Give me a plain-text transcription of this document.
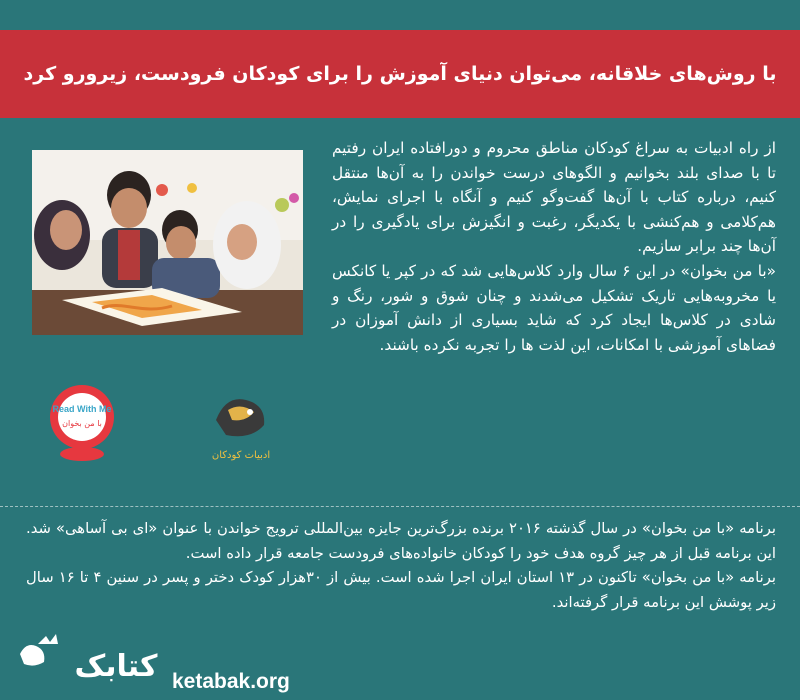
با روش‌های خلاقانه، می‌توان دنیای آموزش را برای کودکان فرودست، زیرورو کرد

از راه ادبیات به سراغ کودکان مناطق محروم و دورافتاده ایران رفتیم تا با صدای بلند بخوانیم و الگوهای درست خواندن را به آن‌ها منتقل کنیم، درباره کتاب با آن‌ها گفت‌وگو کنیم و آنگاه با اجرای نمایش، هم‌کلامی و هم‌کنشی با یکدیگر، رغبت و انگیزش برای یادگیری را در آن‌ها چند برابر سازیم.
«با من بخوان» در این ۶ سال وارد کلاس‌هایی شد که در کپر یا کانکس یا مخروبه‌هایی تاریک تشکیل می‌شدند و چنان شوق و شور، رنگ و شادی در کلاس‌ها ایجاد کرد که شاید بسیاری از دانش آموزان در فضاهای آموزشی با امکانات، این لذت ها را تجربه نکرده باشند.

Read With Me
با من بخوان
ادبیات کودکان

برنامه «با من بخوان» در سال گذشته ۲۰۱۶ برنده بزرگ‌ترین جایزه بین‌المللی ترویج خواندن با عنوان «ای بی آساهی» شد. این برنامه قبل از هر چیز گروه هدف خود را کودکان خانواده‌های فرودست جامعه قرار داده است.
برنامه «با من بخوان» تاکنون در ۱۳ استان ایران اجرا شده است. بیش از ۳۰هزار کودک دختر و پسر در سنین ۴ تا ۱۶ سال زیر پوشش این برنامه قرار گرفته‌اند.

کتابک ketabak.org
